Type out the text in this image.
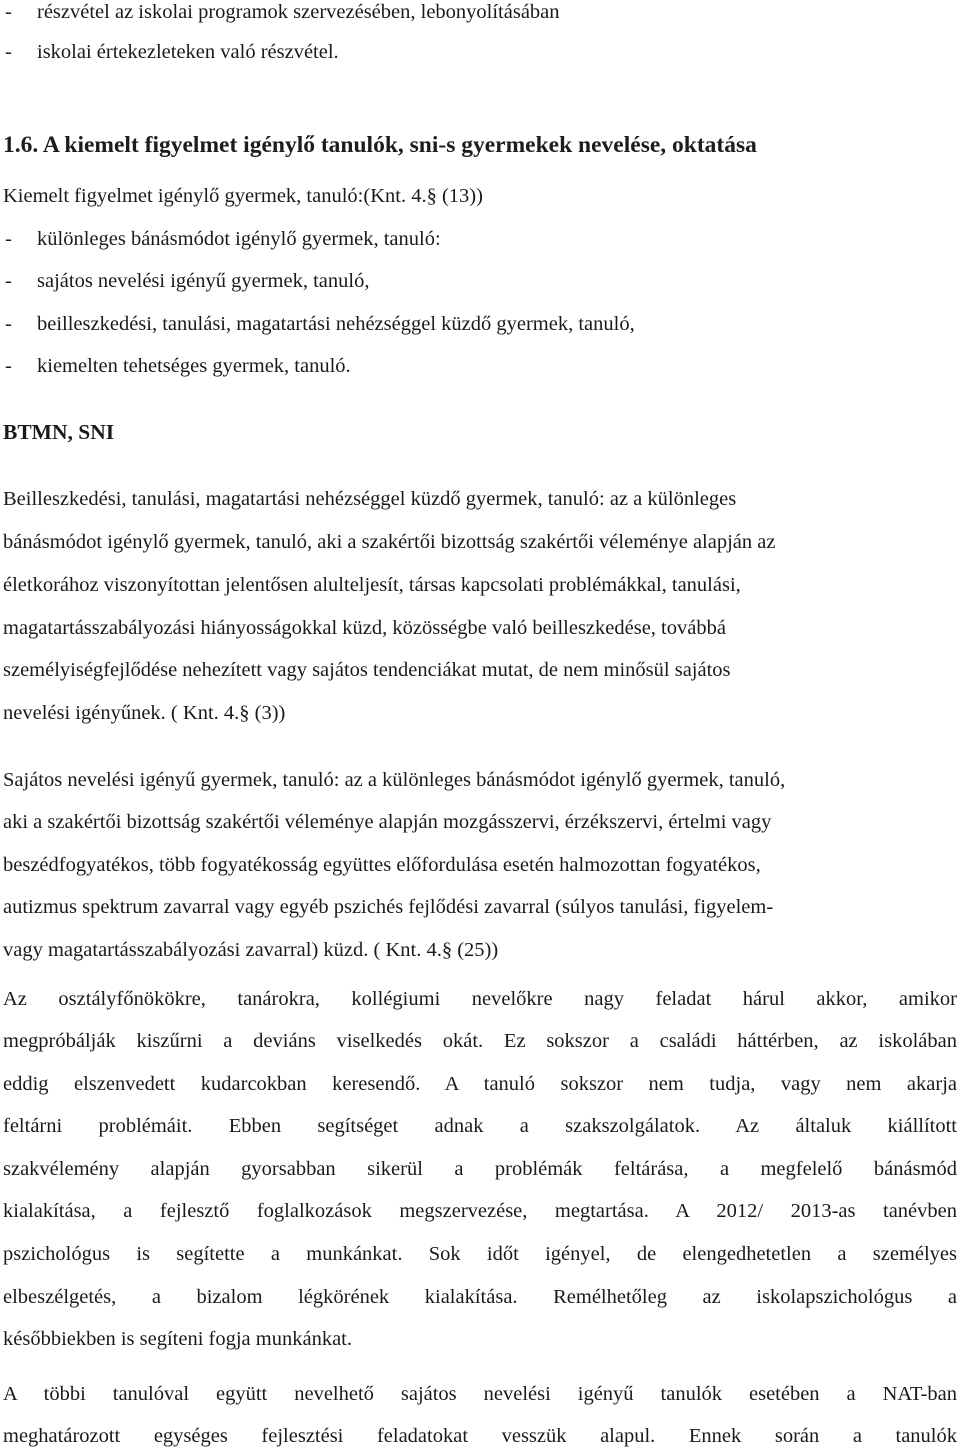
- részvétel az iskolai programok szervezésében, lebonyolításában
- iskolai értekezleteken való részvétel.
1.6. A kiemelt figyelmet igénylő tanulók, sni-s gyermekek nevelése, oktatása
Kiemelt figyelmet igénylő gyermek, tanuló:(Knt. 4.§ (13))
- különleges bánásmódot igénylő gyermek, tanuló:
- sajátos nevelési igényű gyermek, tanuló,
- beilleszkedési, tanulási, magatartási nehézséggel küzdő gyermek, tanuló,
- kiemelten tehetséges gyermek, tanuló.
BTMN, SNI
Beilleszkedési, tanulási, magatartási nehézséggel küzdő gyermek, tanuló: az a különleges
bánásmódot igénylő gyermek, tanuló, aki a szakértői bizottság szakértői véleménye alapján az
életkorához viszonyítottan jelentősen alulteljesít, társas kapcsolati problémákkal, tanulási,
magatartásszabályozási hiányosságokkal küzd, közösségbe való beilleszkedése, továbbá
személyiségfejlődése nehezített vagy sajátos tendenciákat mutat, de nem minősül sajátos
nevelési igényűnek. ( Knt. 4.§ (3))
Sajátos nevelési igényű gyermek, tanuló: az a különleges bánásmódot igénylő gyermek, tanuló,
aki a szakértői bizottság szakértői véleménye alapján mozgásszervi, érzékszervi, értelmi vagy
beszédfogyatékos, több fogyatékosság együttes előfordulása esetén halmozottan fogyatékos,
autizmus spektrum zavarral vagy egyéb pszichés fejlődési zavarral (súlyos tanulási, figyelem-
vagy magatartásszabályozási zavarral) küzd. ( Knt. 4.§ (25))
Az osztályfőnökökre, tanárokra, kollégiumi nevelőkre nagy feladat hárul akkor, amikor
megpróbálják kiszűrni a deviáns viselkedés okát. Ez sokszor a családi háttérben, az iskolában
eddig elszenvedett kudarcokban keresendő. A tanuló sokszor nem tudja, vagy nem akarja
feltárni problémáit. Ebben segítséget adnak a szakszolgálatok. Az általuk kiállított
szakvélemény alapján gyorsabban sikerül a problémák feltárása, a megfelelő bánásmód
kialakítása, a fejlesztő foglalkozások megszervezése, megtartása. A 2012/ 2013-as tanévben
pszichológus is segítette a munkánkat. Sok időt igényel, de elengedhetetlen a személyes
elbeszélgetés, a bizalom légkörének kialakítása. Remélhetőleg az iskolapszichológus a
későbbiekben is segíteni fogja munkánkat.
A többi tanulóval együtt nevelhető sajátos nevelési igényű tanulók esetében a NAT-ban
meghatározott egységes fejlesztési feladatokat vesszük alapul. Ennek során a tanulók
